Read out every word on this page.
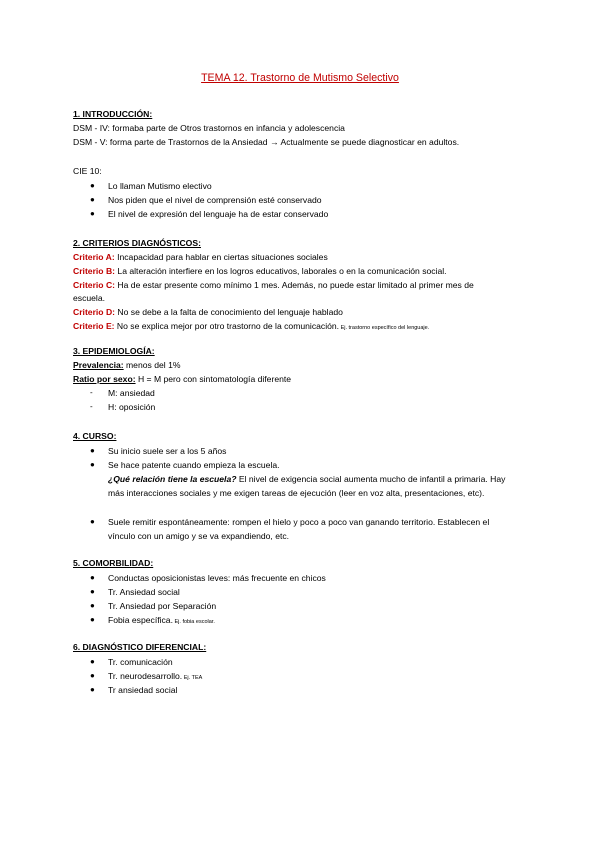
TEMA 12. Trastorno de Mutismo Selectivo
1. INTRODUCCIÓN:
DSM - IV: formaba parte de Otros trastornos en infancia y adolescencia
DSM - V: forma parte de Trastornos de la Ansiedad → Actualmente se puede diagnosticar en adultos.
CIE 10:
● Lo llaman Mutismo electivo
● Nos piden que el nivel de comprensión esté conservado
● El nivel de expresión del lenguaje ha de estar conservado
2. CRITERIOS DIAGNÓSTICOS:
Criterio A: Incapacidad para hablar en ciertas situaciones sociales
Criterio B: La alteración interfiere en los logros educativos, laborales o en la comunicación social.
Criterio C: Ha de estar presente como mínimo 1 mes. Además, no puede estar limitado al primer mes de
escuela.
Criterio D: No se debe a la falta de conocimiento del lenguaje hablado
Criterio E: No se explica mejor por otro trastorno de la comunicación. Ej. trastorno específico del lenguaje.
3. EPIDEMIOLOGÍA:
Prevalencia: menos del 1%
Ratio por sexo: H = M pero con sintomatología diferente
- M: ansiedad
- H: oposición
4. CURSO:
● Su inicio suele ser a los 5 años
● Se hace patente cuando empieza la escuela.
¿Qué relación tiene la escuela? El nivel de exigencia social aumenta mucho de infantil a primaria. Hay
más interacciones sociales y me exigen tareas de ejecución (leer en voz alta, presentaciones, etc).
● Suele remitir espontáneamente: rompen el hielo y poco a poco van ganando territorio. Establecen el
vínculo con un amigo y se va expandiendo, etc.
5. COMORBILIDAD:
● Conductas oposicionistas leves: más frecuente en chicos
● Tr. Ansiedad social
● Tr. Ansiedad por Separación
● Fobia específica. Ej. fobia escolar.
6. DIAGNÓSTICO DIFERENCIAL:
● Tr. comunicación
● Tr. neurodesarrollo. Ej. TEA
● Tr ansiedad social
